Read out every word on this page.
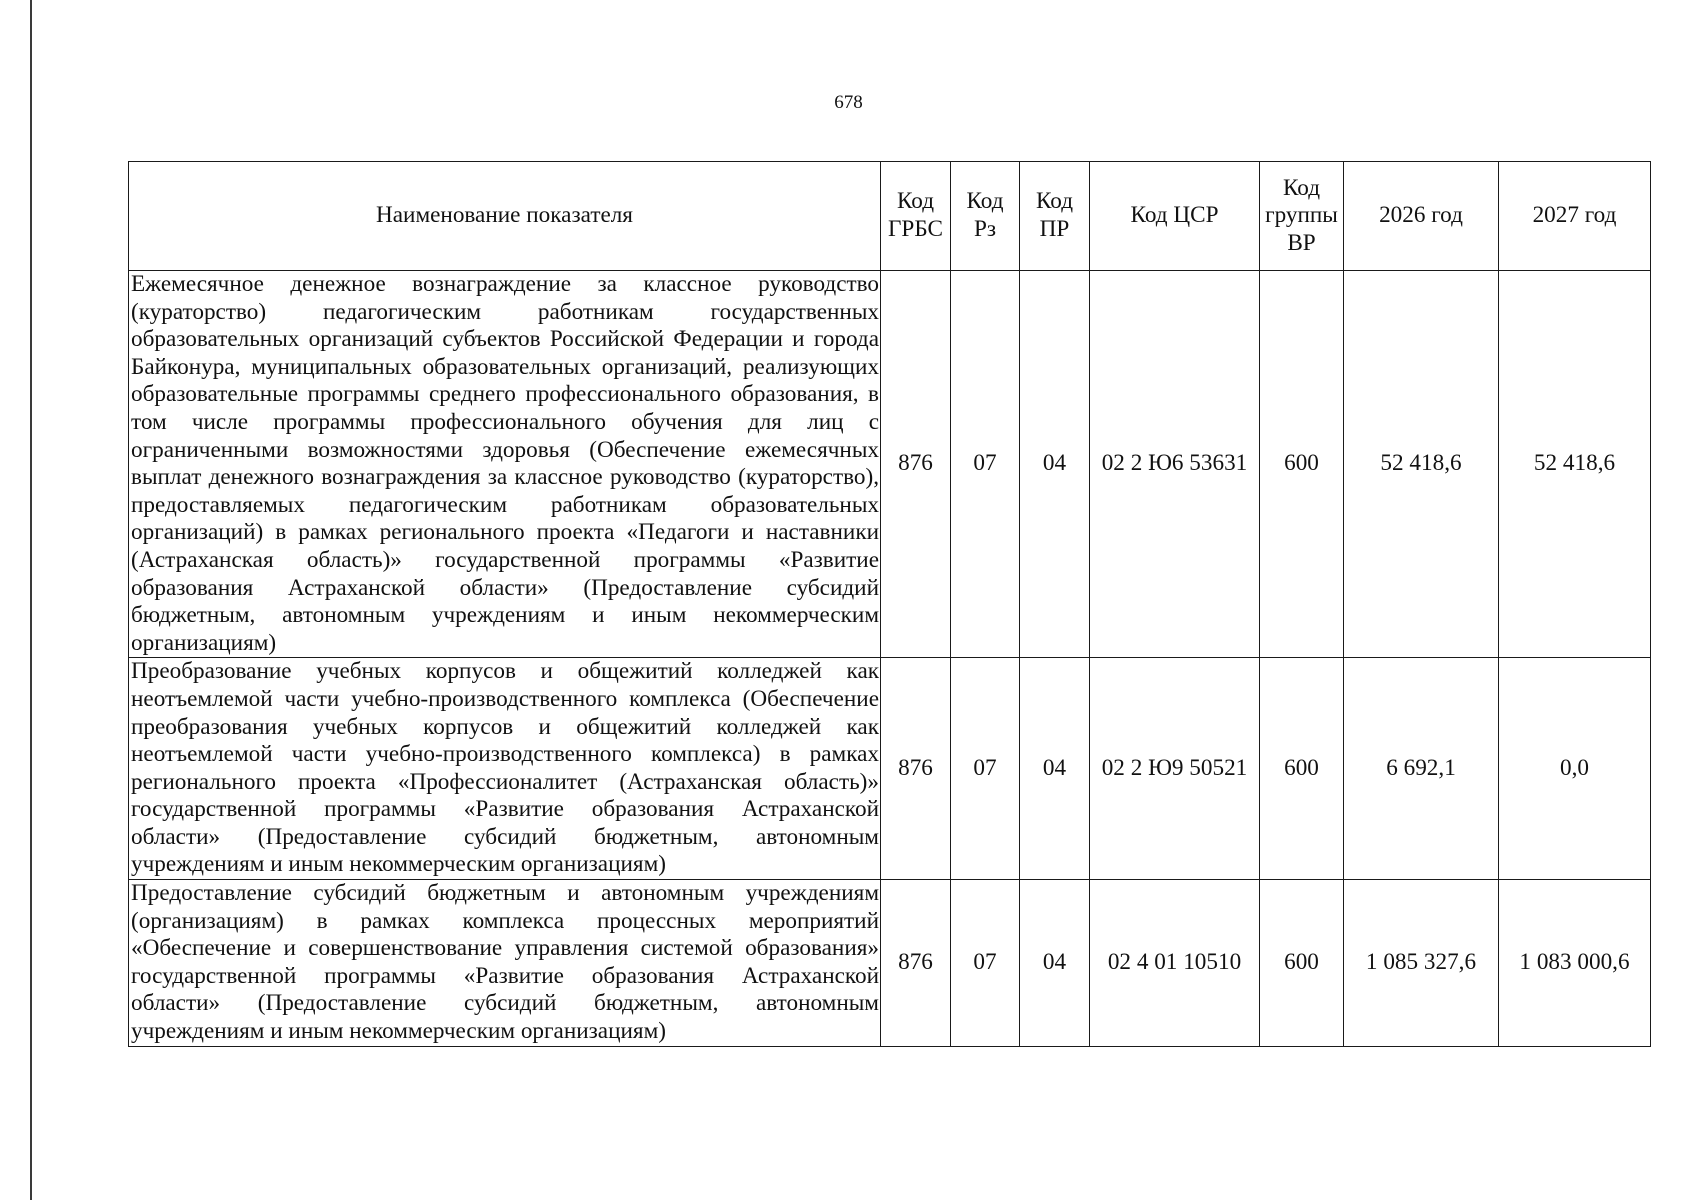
678
Наименование показателя	Код ГРБС	Код Рз	Код ПР	Код ЦСР	Код группы ВР	2026 год	2027 год
Ежемесячное денежное вознаграждение за классное руководство (кураторство) педагогическим работникам государственных образовательных организаций субъектов Российской Федерации и города Байконура, муниципальных образовательных организаций, реализующих образовательные программы среднего профессионального образования, в том числе программы профессионального обучения для лиц с ограниченными возможностями здоровья (Обеспечение ежемесячных выплат денежного вознаграждения за классное руководство (кураторство), предоставляемых педагогическим работникам образовательных организаций) в рамках регионального проекта «Педагоги и наставники (Астраханская область)» государственной программы «Развитие образования Астраханской области» (Предоставление субсидий бюджетным, автономным учреждениям и иным некоммерческим организациям)	876	07	04	02 2 Ю6 53631	600	52 418,6	52 418,6
Преобразование учебных корпусов и общежитий колледжей как неотъемлемой части учебно-производственного комплекса (Обеспечение преобразования учебных корпусов и общежитий колледжей как неотъемлемой части учебно-производственного комплекса) в рамках регионального проекта «Профессионалитет (Астраханская область)» государственной программы «Развитие образования Астраханской области» (Предоставление субсидий бюджетным, автономным учреждениям и иным некоммерческим организациям)	876	07	04	02 2 Ю9 50521	600	6 692,1	0,0
Предоставление субсидий бюджетным и автономным учреждениям (организациям) в рамках комплекса процессных мероприятий «Обеспечение и совершенствование управления системой образования» государственной программы «Развитие образования Астраханской области» (Предоставление субсидий бюджетным, автономным учреждениям и иным некоммерческим организациям)	876	07	04	02 4 01 10510	600	1 085 327,6	1 083 000,6
